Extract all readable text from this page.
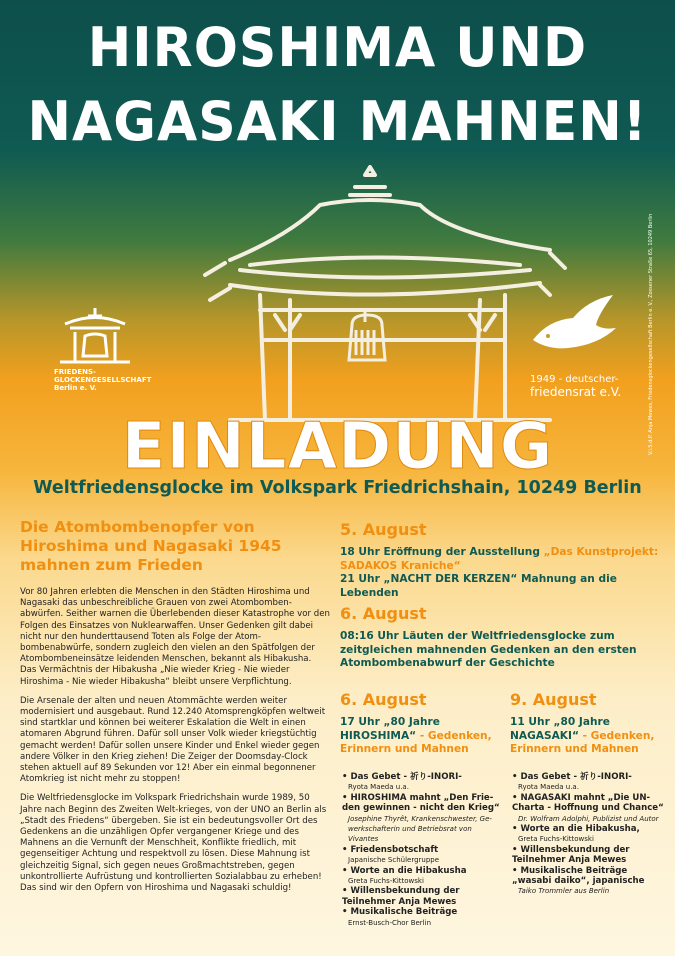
HIROSHIMA UND
NAGASAKI MAHNEN!
FRIEDENS-
GLOCKENGESELLSCHAFT
Berlin e. V.
1949 - deutscher-
friedensrat e.V.	V.i.S.d.P. Anja Mewes, Friedensglockengesellschaft Berlin e. V., Zossener Straße 65, 10249 Berlin
EINLADUNG
Weltfriedensglocke im Volkspark Friedrichshain, 10249 Berlin
Die Atombombenopfer von Hiroshima und Nagasaki 1945 mahnen zum Frieden

Vor 80 Jahren erlebten die Menschen in den Städten Hiroshima und Nagasaki das unbeschreibliche Grauen von zwei Atombomben-abwürfen. Seither warnen die Überlebenden dieser Katastrophe vor den Folgen des Einsatzes von Nuklearwaffen. Unser Gedenken gilt dabei nicht nur den hunderttausend Toten als Folge der Atom-bombenabwürfe, sondern zugleich den vielen an den Spätfolgen der Atombombeneinsätze leidenden Menschen, bekannt als Hibakusha. Das Vermächtnis der Hibakusha „Nie wieder Krieg - Nie wieder Hiroshima - Nie wieder Hibakusha“ bleibt unsere Verpflichtung.

Die Arsenale der alten und neuen Atommächte werden weiter modernisiert und ausgebaut. Rund 12.240 Atomsprengköpfen weltweit sind startklar und können bei weiterer Eskalation die Welt in einen atomaren Abgrund führen. Dafür soll unser Volk wieder kriegstüchtig gemacht werden! Dafür sollen unsere Kinder und Enkel wieder gegen andere Völker in den Krieg ziehen! Die Zeiger der Doomsday-Clock stehen aktuell auf 89 Sekunden vor 12! Aber ein einmal begonnener Atomkrieg ist nicht mehr zu stoppen!

Die Weltfriedensglocke im Volkspark Friedrichshain wurde 1989, 50 Jahre nach Beginn des Zweiten Welt-krieges, von der UNO an Berlin als „Stadt des Friedens“ übergeben. Sie ist ein bedeutungsvoller Ort des Gedenkens an die unzähligen Opfer vergangener Kriege und des Mahnens an die Vernunft der Menschheit, Konflikte friedlich, mit gegenseitiger Achtung und respektvoll zu lösen. Diese Mahnung ist gleichzeitig Signal, sich gegen neues Großmachtstreben, gegen unkontrollierte Aufrüstung und kontrollierten Sozialabbau zu erheben! Das sind wir den Opfern von Hiroshima und Nagasaki schuldig!

5. August
18 Uhr Eröffnung der Ausstellung „Das Kunstprojekt:
SADAKOS Kraniche“
21 Uhr „NACHT DER KERZEN“ Mahnung an die Lebenden
6. August
08:16 Uhr Läuten der Weltfriedensglocke zum zeitgleichen mahnenden Gedenken an den ersten Atombombenabwurf der Geschichte
6. August
17 Uhr „80 Jahre HIROSHIMA“ - Gedenken, Erinnern und Mahnen
• Das Gebet - 祈り-INORI-
Ryota Maeda u.a.
• HIROSHIMA mahnt „Den Frie-den gewinnen - nicht den Krieg“
Josephine Thyrêt, Krankenschwester, Ge-werkschafterin und Betriebsrat von Vivantes
• Friedensbotschaft
Japanische Schülergruppe
• Worte an die Hibakusha
Greta Fuchs-Kittowski
• Willensbekundung der Teilnehmer Anja Mewes
• Musikalische Beiträge
Ernst-Busch-Chor Berlin
9. August
11 Uhr „80 Jahre NAGASAKI“ - Gedenken, Erinnern und Mahnen
• Das Gebet - 祈り-INORI-
Ryota Maeda u.a.
• NAGASAKI mahnt „Die UN-Charta - Hoffnung und Chance“
Dr. Wolfram Adolphi, Publizist und Autor
• Worte an die Hibakusha,
Greta Fuchs-Kittowski
• Willensbekundung der Teilnehmer Anja Mewes
• Musikalische Beiträge „wasabi daiko“, japanische
Taiko Trommler aus Berlin
